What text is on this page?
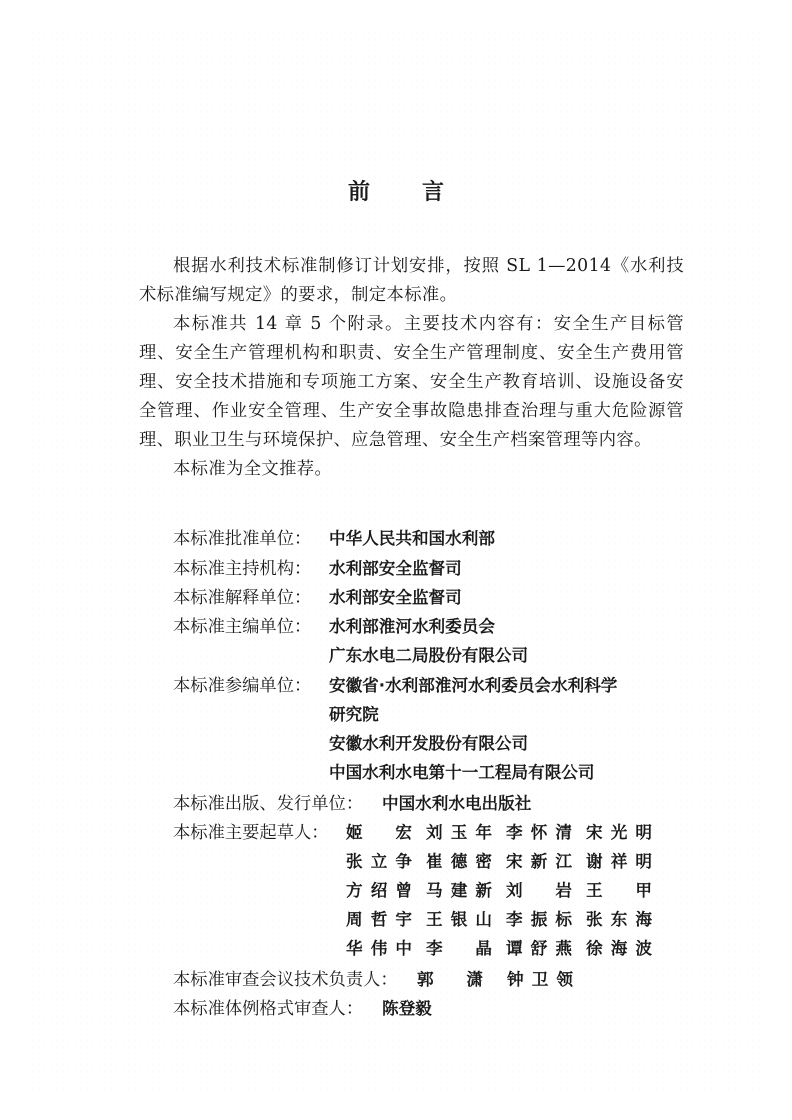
前 言

根据水利技术标准制修订计划安排，按照 SL 1—2014《水利技术标准编写规定》的要求，制定本标准。

本标准共 14 章 5 个附录。主要技术内容有：安全生产目标管理、安全生产管理机构和职责、安全生产管理制度、安全生产费用管理、安全技术措施和专项施工方案、安全生产教育培训、设施设备安全管理、作业安全管理、生产安全事故隐患排查治理与重大危险源管理、职业卫生与环境保护、应急管理、安全生产档案管理等内容。

本标准为全文推荐。

本标准批准单位： 中华人民共和国水利部
本标准主持机构： 水利部安全监督司
本标准解释单位： 水利部安全监督司
本标准主编单位： 水利部淮河水利委员会
广东水电二局股份有限公司
本标准参编单位： 安徽省·水利部淮河水利委员会水利科学
研究院
安徽水利开发股份有限公司
中国水利水电第十一工程局有限公司
本标准出版、发行单位： 中国水利水电出版社
本标准主要起草人： 姬宏 刘玉年 李怀清 宋光明
张立争 崔德密 宋新江 谢祥明
方绍曾 马建新 刘岩 王甲
周哲宇 王银山 李振标 张东海
华伟中 李晶 谭舒燕 徐海波
本标准审查会议技术负责人： 郭潇 钟卫领
本标准体例格式审查人： 陈登毅
